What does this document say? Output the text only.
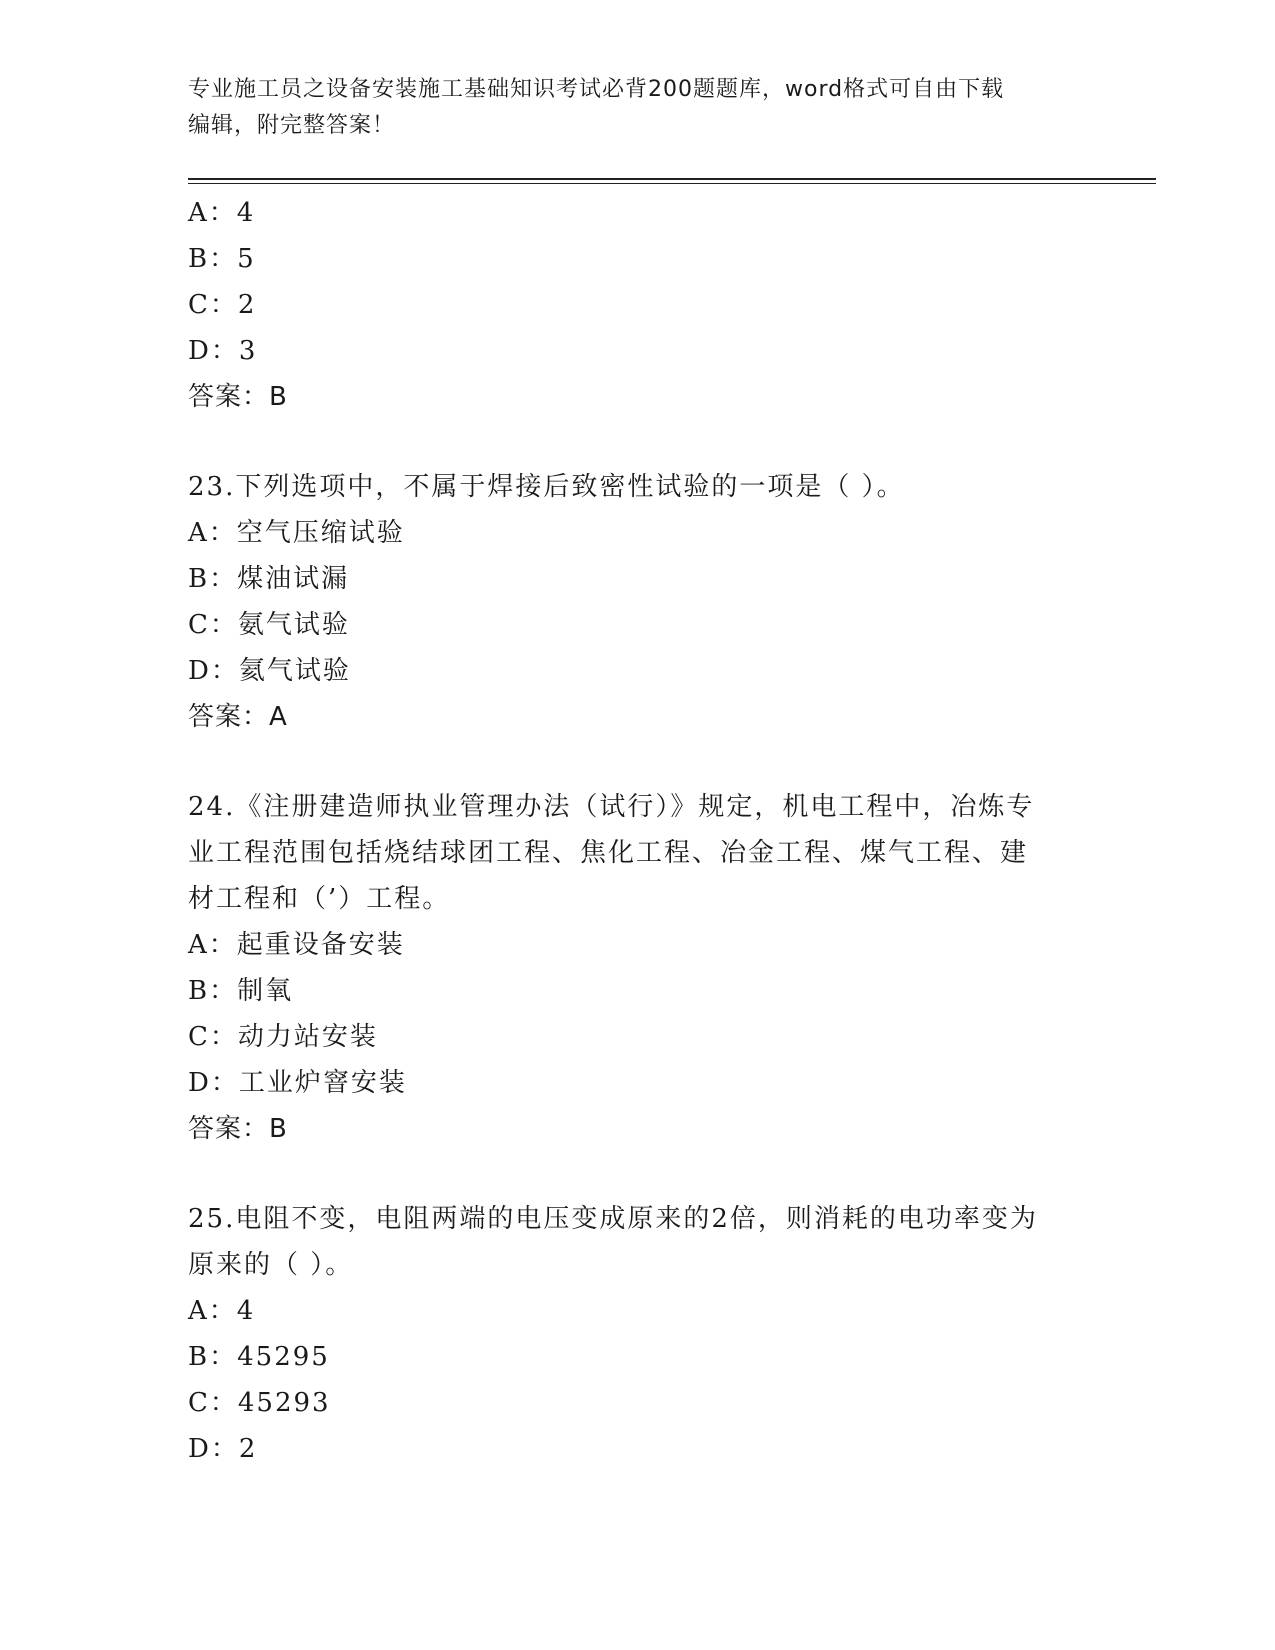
专业施工员之设备安装施工基础知识考试必背200题题库，word格式可自由下载
编辑，附完整答案！
A：4
B：5
C：2
D：3
答案：B
23.下列选项中，不属于焊接后致密性试验的一项是（ ）。
A：空气压缩试验
B：煤油试漏
C：氨气试验
D：氦气试验
答案：A
24.《注册建造师执业管理办法（试行）》规定，机电工程中，冶炼专
业工程范围包括烧结球团工程、焦化工程、冶金工程、煤气工程、建
材工程和（’）工程。
A：起重设备安装
B：制氧
C：动力站安装
D：工业炉窨安装
答案：B
25.电阻不变，电阻两端的电压变成原来的2倍，则消耗的电功率变为
原来的（ ）。
A：4
B：45295
C：45293
D：2
